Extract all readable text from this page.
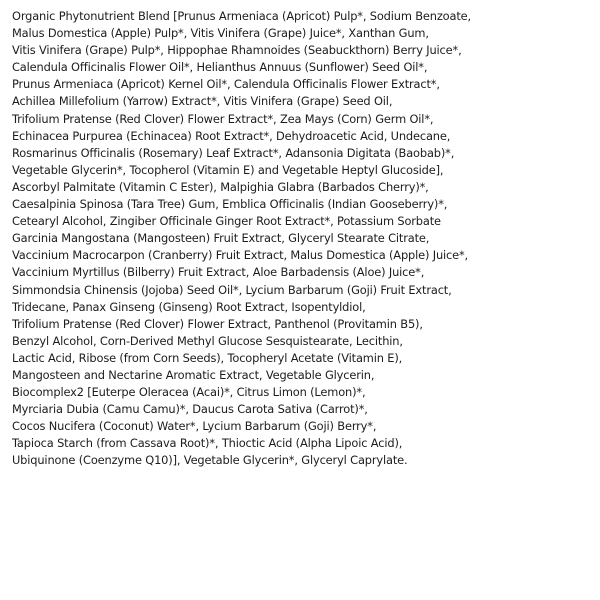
Organic Phytonutrient Blend [Prunus Armeniaca (Apricot) Pulp*, Sodium Benzoate,
Malus Domestica (Apple) Pulp*, Vitis Vinifera (Grape) Juice*, Xanthan Gum,
Vitis Vinifera (Grape) Pulp*, Hippophae Rhamnoides (Seabuckthorn) Berry Juice*,
Calendula Officinalis Flower Oil*, Helianthus Annuus (Sunflower) Seed Oil*,
Prunus Armeniaca (Apricot) Kernel Oil*, Calendula Officinalis Flower Extract*,
Achillea Millefolium (Yarrow) Extract*, Vitis Vinifera (Grape) Seed Oil,
Trifolium Pratense (Red Clover) Flower Extract*, Zea Mays (Corn) Germ Oil*,
Echinacea Purpurea (Echinacea) Root Extract*, Dehydroacetic Acid, Undecane,
Rosmarinus Officinalis (Rosemary) Leaf Extract*, Adansonia Digitata (Baobab)*,
Vegetable Glycerin*, Tocopherol (Vitamin E) and Vegetable Heptyl Glucoside],
Ascorbyl Palmitate (Vitamin C Ester), Malpighia Glabra (Barbados Cherry)*,
Caesalpinia Spinosa (Tara Tree) Gum, Emblica Officinalis (Indian Gooseberry)*,
Cetearyl Alcohol, Zingiber Officinale Ginger Root Extract*, Potassium Sorbate
Garcinia Mangostana (Mangosteen) Fruit Extract, Glyceryl Stearate Citrate,
Vaccinium Macrocarpon (Cranberry) Fruit Extract, Malus Domestica (Apple) Juice*,
Vaccinium Myrtillus (Bilberry) Fruit Extract, Aloe Barbadensis (Aloe) Juice*,
Simmondsia Chinensis (Jojoba) Seed Oil*, Lycium Barbarum (Goji) Fruit Extract,
Tridecane, Panax Ginseng (Ginseng) Root Extract, Isopentyldiol,
Trifolium Pratense (Red Clover) Flower Extract, Panthenol (Provitamin B5),
Benzyl Alcohol, Corn-Derived Methyl Glucose Sesquistearate, Lecithin,
Lactic Acid, Ribose (from Corn Seeds), Tocopheryl Acetate (Vitamin E),
Mangosteen and Nectarine Aromatic Extract, Vegetable Glycerin,
Biocomplex2 [Euterpe Oleracea (Acai)*, Citrus Limon (Lemon)*,
Myrciaria Dubia (Camu Camu)*, Daucus Carota Sativa (Carrot)*,
Cocos Nucifera (Coconut) Water*, Lycium Barbarum (Goji) Berry*,
Tapioca Starch (from Cassava Root)*, Thioctic Acid (Alpha Lipoic Acid),
Ubiquinone (Coenzyme Q10)], Vegetable Glycerin*, Glyceryl Caprylate.
